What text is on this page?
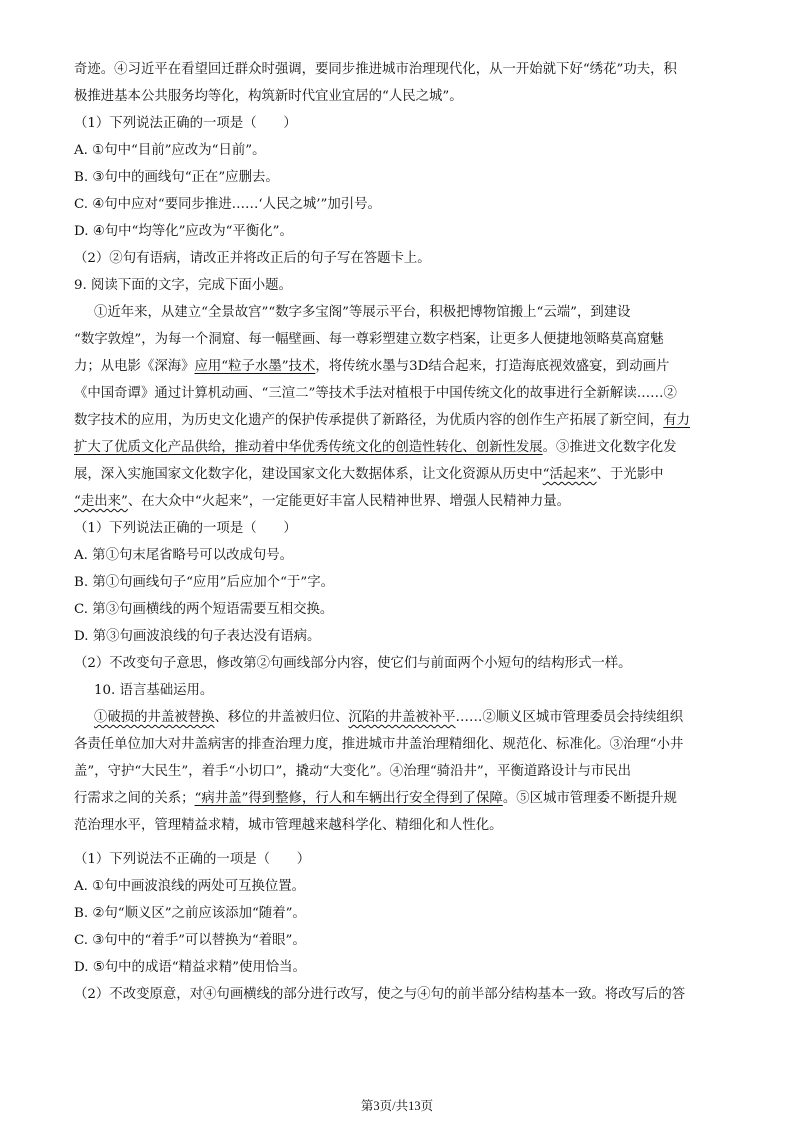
奇迹。④习近平在看望回迁群众时强调，要同步推进城市治理现代化，从一开始就下好“绣花”功夫，积
极推进基本公共服务均等化，构筑新时代宜业宜居的“人民之城”。
（1）下列说法正确的一项是（　　）
A. ①句中“目前”应改为“日前”。
B. ③句中的画线句“正在”应删去。
C. ④句中应对“要同步推进……‘人民之城’”加引号。
D. ④句中“均等化”应改为“平衡化”。
（2）②句有语病，请改正并将改正后的句子写在答题卡上。
9. 阅读下面的文字，完成下面小题。
①近年来，从建立“全景故宫”“数字多宝阁”等展示平台，积极把博物馆搬上“云端”，到建设
“数字敦煌”，为每一个洞窟、每一幅壁画、每一尊彩塑建立数字档案，让更多人便捷地领略莫高窟魅
力；从电影《深海》应用“粒子水墨”技术，将传统水墨与3D结合起来，打造海底视效盛宴，到动画片
《中国奇谭》通过计算机动画、“三渲二”等技术手法对植根于中国传统文化的故事进行全新解读……②
数字技术的应用，为历史文化遗产的保护传承提供了新路径，为优质内容的创作生产拓展了新空间，有力
扩大了优质文化产品供给，推动着中华优秀传统文化的创造性转化、创新性发展。③推进文化数字化发
展，深入实施国家文化数字化，建设国家文化大数据体系，让文化资源从历史中“活起来”、于光影中
“走出来”、在大众中“火起来”，一定能更好丰富人民精神世界、增强人民精神力量。
（1）下列说法正确的一项是（　　）
A. 第①句末尾省略号可以改成句号。
B. 第①句画线句子“应用”后应加个“于”字。
C. 第③句画横线的两个短语需要互相交换。
D. 第③句画波浪线的句子表达没有语病。
（2）不改变句子意思，修改第②句画线部分内容，使它们与前面两个小短句的结构形式一样。
10. 语言基础运用。
①破损的井盖被替换、移位的井盖被归位、沉陷的井盖被补平……②顺义区城市管理委员会持续组织
各责任单位加大对井盖病害的排查治理力度，推进城市井盖治理精细化、规范化、标准化。③治理“小井
盖”，守护“大民生”，着手“小切口”，撬动“大变化”。④治理“骑沿井”，平衡道路设计与市民出
行需求之间的关系；“病井盖”得到整修，行人和车辆出行安全得到了保障。⑤区城市管理委不断提升规
范治理水平，管理精益求精，城市管理越来越科学化、精细化和人性化。
（1）下列说法不正确的一项是（　　）
A. ①句中画波浪线的两处可互换位置。
B. ②句“顺义区”之前应该添加“随着”。
C. ③句中的“着手”可以替换为“着眼”。
D. ⑤句中的成语“精益求精”使用恰当。
（2）不改变原意，对④句画横线的部分进行改写，使之与④句的前半部分结构基本一致。将改写后的答
第3页/共13页
